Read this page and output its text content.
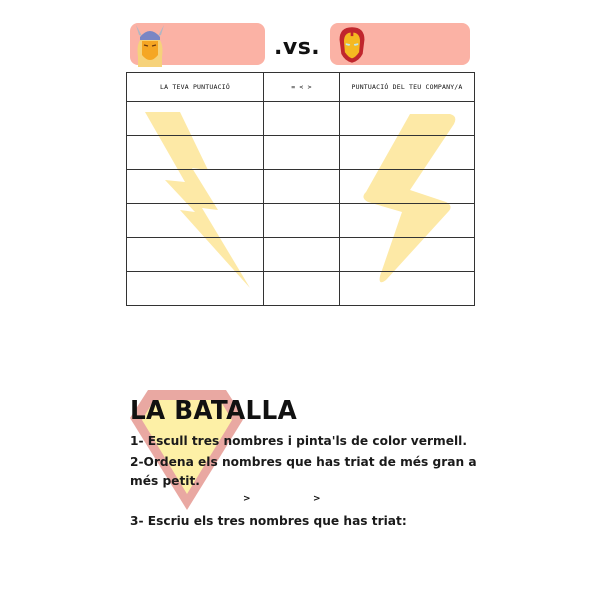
.vs.
LA TEVA PUNTUACIÓ	= < >	PUNTUACIÓ DEL TEU COMPANY/A

LA BATALLA
1- Escull tres nombres i pinta'ls de color vermell.
2-Ordena els nombres que has triat de més gran a
més petit.
>	>
3- Escriu els tres nombres que has triat:
